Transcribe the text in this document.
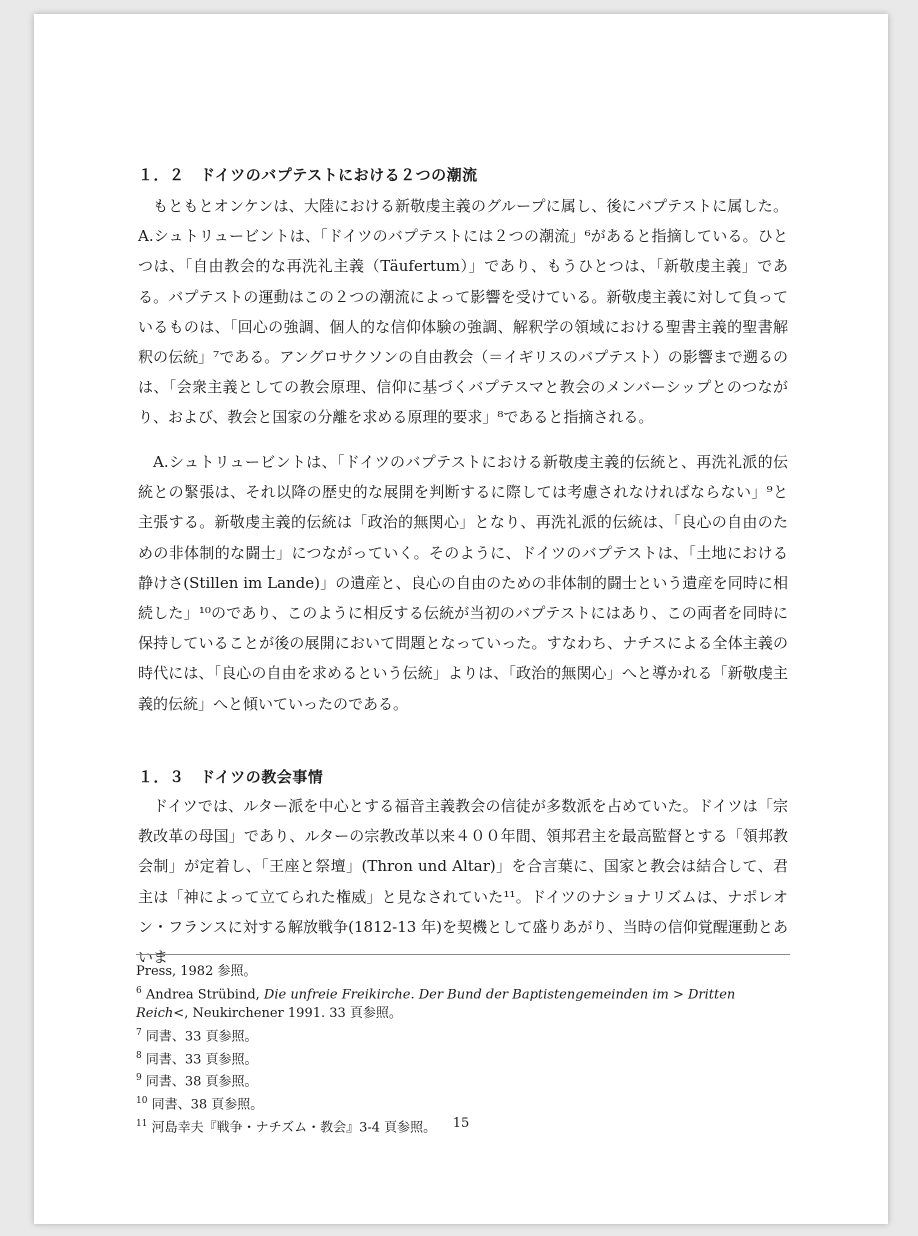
１．２　ドイツのバプテストにおける２つの潮流

もともとオンケンは、大陸における新敬虔主義のグループに属し、後にバプテストに属した。A.シュトリュービントは、「ドイツのバプテストには２つの潮流」⁶があると指摘している。ひとつは、「自由教会的な再洗礼主義（Täufertum）」であり、もうひとつは、「新敬虔主義」である。バプテストの運動はこの２つの潮流によって影響を受けている。新敬虔主義に対して負っているものは、「回心の強調、個人的な信仰体験の強調、解釈学の領域における聖書主義的聖書解釈の伝統」⁷である。アングロサクソンの自由教会（＝イギリスのバプテスト）の影響まで遡るのは、「会衆主義としての教会原理、信仰に基づくバプテスマと教会のメンバーシップとのつながり、および、教会と国家の分離を求める原理的要求」⁸であると指摘される。

A.シュトリュービントは、「ドイツのバプテストにおける新敬虔主義的伝統と、再洗礼派的伝統との緊張は、それ以降の歴史的な展開を判断するに際しては考慮されなければならない」⁹と主張する。新敬虔主義的伝統は「政治的無関心」となり、再洗礼派的伝統は、「良心の自由のための非体制的な闘士」につながっていく。そのように、ドイツのバプテストは、「土地における静けさ(Stillen im Lande)」の遺産と、良心の自由のための非体制的闘士という遺産を同時に相続した」¹⁰のであり、このように相反する伝統が当初のバプテストにはあり、この両者を同時に保持していることが後の展開において問題となっていった。すなわち、ナチスによる全体主義の時代には、「良心の自由を求めるという伝統」よりは、「政治的無関心」へと導かれる「新敬虔主義的伝統」へと傾いていったのである。

１．３　ドイツの教会事情

ドイツでは、ルター派を中心とする福音主義教会の信徒が多数派を占めていた。ドイツは「宗教改革の母国」であり、ルターの宗教改革以来４００年間、領邦君主を最高監督とする「領邦教会制」が定着し、「王座と祭壇」(Thron und Altar)」を合言葉に、国家と教会は結合して、君主は「神によって立てられた権威」と見なされていた¹¹。ドイツのナショナリズムは、ナポレオン・フランスに対する解放戦争(1812-13 年)を契機として盛りあがり、当時の信仰覚醒運動とあいま

Press, 1982 参照。

$^6$ Andrea Strübind, Die unfreie Freikirche. Der Bund der Baptistengemeinden im > Dritten Reich<, Neukirchener 1991. 33 頁参照。

$^7$ 同書、33 頁参照。

$^8$ 同書、33 頁参照。

$^9$ 同書、38 頁参照。

$^{10}$ 同書、38 頁参照。

$^{11}$ 河島幸夫『戦争・ナチズム・教会』3-4 頁参照。	15
